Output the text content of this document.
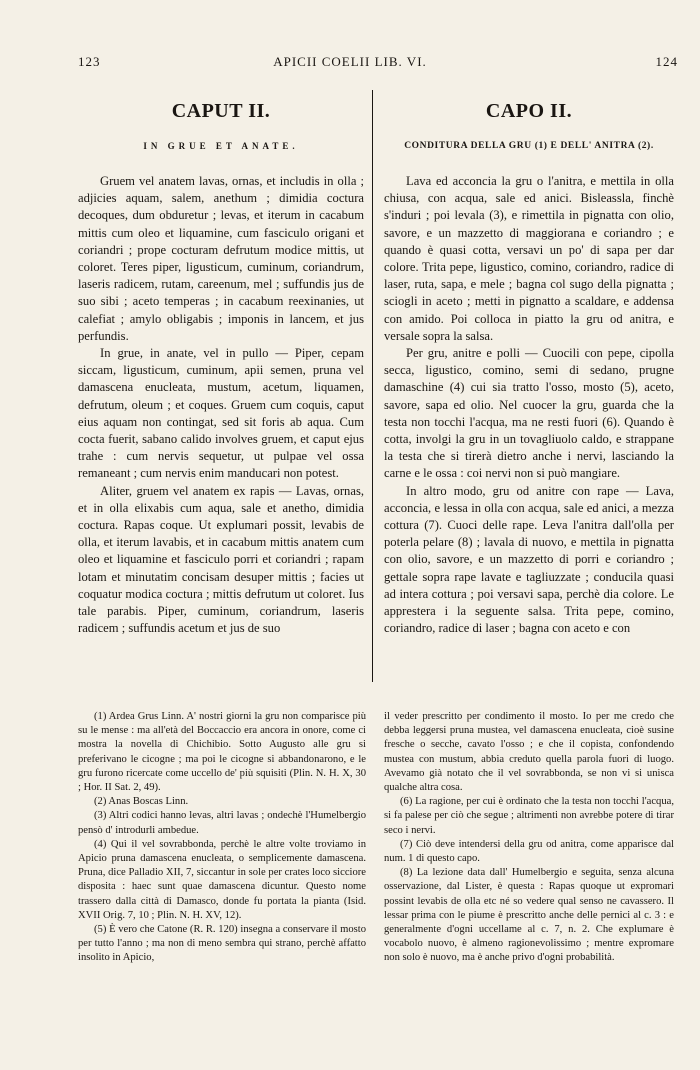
123	APICII COELII LIB. VI.	124
CAPUT II.
IN GRUE ET ANATE.

Gruem vel anatem lavas, ornas, et includis in olla ; adjicies aquam, salem, anethum ; dimidia coctura decoques, dum obduretur ; levas, et iterum in cacabum mittis cum oleo et liquamine, cum fasciculo origani et coriandri ; prope cocturam defrutum modice mittis, ut coloret. Teres piper, ligusticum, cuminum, coriandrum, laseris radicem, rutam, careenum, mel ; suffundis jus de suo sibi ; aceto temperas ; in cacabum reexinanies, ut calefiat ; amylo obligabis ; imponis in lancem, et jus perfundis.

In grue, in anate, vel in pullo — Piper, cepam siccam, ligusticum, cuminum, apii semen, pruna vel damascena enucleata, mustum, acetum, liquamen, defrutum, oleum ; et coques. Gruem cum coquis, caput eius aquam non contingat, sed sit foris ab aqua. Cum cocta fuerit, sabano calido involves gruem, et caput ejus trahe : cum nervis sequetur, ut pulpae vel ossa remaneant ; cum nervis enim manducari non potest.

Aliter, gruem vel anatem ex rapis — Lavas, ornas, et in olla elixabis cum aqua, sale et anetho, dimidia coctura. Rapas coque. Ut explumari possit, levabis de olla, et iterum lavabis, et in cacabum mittis anatem cum oleo et liquamine et fasciculo porri et coriandri ; rapam lotam et minutatim concisam desuper mittis ; facies ut coquatur modica coctura ; mittis defrutum ut coloret. Ius tale parabis. Piper, cuminum, coriandrum, laseris radicem ; suffundis acetum et jus de suo

CAPO II.
CONDITURA DELLA GRU (1) E DELL' ANITRA (2).

Lava ed acconcia la gru o l'anitra, e mettila in olla chiusa, con acqua, sale ed anici. Bisleassla, finchè s'induri ; poi levala (3), e rimettila in pignatta con olio, savore, e un mazzetto di maggiorana e coriandro ; e quando è quasi cotta, versavi un po' di sapa per dar colore. Trita pepe, ligustico, comino, coriandro, radice di laser, ruta, sapa, e mele ; bagna col sugo della pignatta ; sciogli in aceto ; metti in pignatto a scaldare, e addensa con amido. Poi colloca in piatto la gru od anitra, e versale sopra la salsa.

Per gru, anitre e polli — Cuocili con pepe, cipolla secca, ligustico, comino, semi di sedano, prugne damaschine (4) cui sia tratto l'osso, mosto (5), aceto, savore, sapa ed olio. Nel cuocer la gru, guarda che la testa non tocchi l'acqua, ma ne resti fuori (6). Quando è cotta, involgi la gru in un tovagliuolo caldo, e strappane la testa che si tirerà dietro anche i nervi, lasciando la carne e le ossa : coi nervi non si può mangiare.

In altro modo, gru od anitre con rape — Lava, acconcia, e lessa in olla con acqua, sale ed anici, a mezza cottura (7). Cuoci delle rape. Leva l'anitra dall'olla per poterla pelare (8) ; lavala di nuovo, e mettila in pignatta con olio, savore, e un mazzetto di porri e coriandro ; gettale sopra rape lavate e tagliuzzate ; conducila quasi ad intera cottura ; poi versavi sapa, perchè dia colore. Le apprestera i la seguente salsa. Trita pepe, comino, coriandro, radice di laser ; bagna con aceto e con

(1) Ardea Grus Linn. A' nostri giorni la gru non comparisce più su le mense : ma all'età del Boccaccio era ancora in onore, come ci mostra la novella di Chichibio. Sotto Augusto alle gru si preferivano le cicogne ; ma poi le cicogne si abbandonarono, e le gru furono ricercate come uccello de' più squisiti (Plin. N. H. X, 30 ; Hor. II Sat. 2, 49).

(2) Anas Boscas Linn.

(3) Altri codici hanno levas, altri lavas ; ondechè l'Humelbergio pensò d' introdurli ambedue.

(4) Qui il vel sovrabbonda, perchè le altre volte troviamo in Apicio pruna damascena enucleata, o semplicemente damascena. Pruna, dice Palladio XII, 7, siccantur in sole per crates loco sicciore disposita : haec sunt quae damascena dicuntur. Questo nome trassero dalla città di Damasco, donde fu portata la pianta (Isid. XVII Orig. 7, 10 ; Plin. N. H. XV, 12).

(5) È vero che Catone (R. R. 120) insegna a conservare il mosto per tutto l'anno ; ma non di meno sembra qui strano, perchè affatto insolito in Apicio,

il veder prescritto per condimento il mosto. Io per me credo che debba leggersi pruna mustea, vel damascena enucleata, cioè susine fresche o secche, cavato l'osso ; e che il copista, confondendo mustea con mustum, abbia creduto quella parola fuori di luogo. Avevamo già notato che il vel sovrabbonda, se non vi si unisca qualche altra cosa.

(6) La ragione, per cui è ordinato che la testa non tocchi l'acqua, si fa palese per ciò che segue ; altrimenti non avrebbe potere di tirar seco i nervi.

(7) Ciò deve intendersi della gru od anitra, come apparisce dal num. 1 di questo capo.

(8) La lezione data dall' Humelbergio e seguita, senza alcuna osservazione, dal Lister, è questa : Rapas quoque ut expromari possint levabis de olla etc né so vedere qual senso ne cavassero. Il lessar prima con le piume è prescritto anche delle pernici al c. 3 : e generalmente d'ogni uccellame al c. 7, n. 2. Che explumare è vocabolo nuovo, è almeno ragionevolissimo ; mentre expromare non solo è nuovo, ma è anche privo d'ogni probabilità.
